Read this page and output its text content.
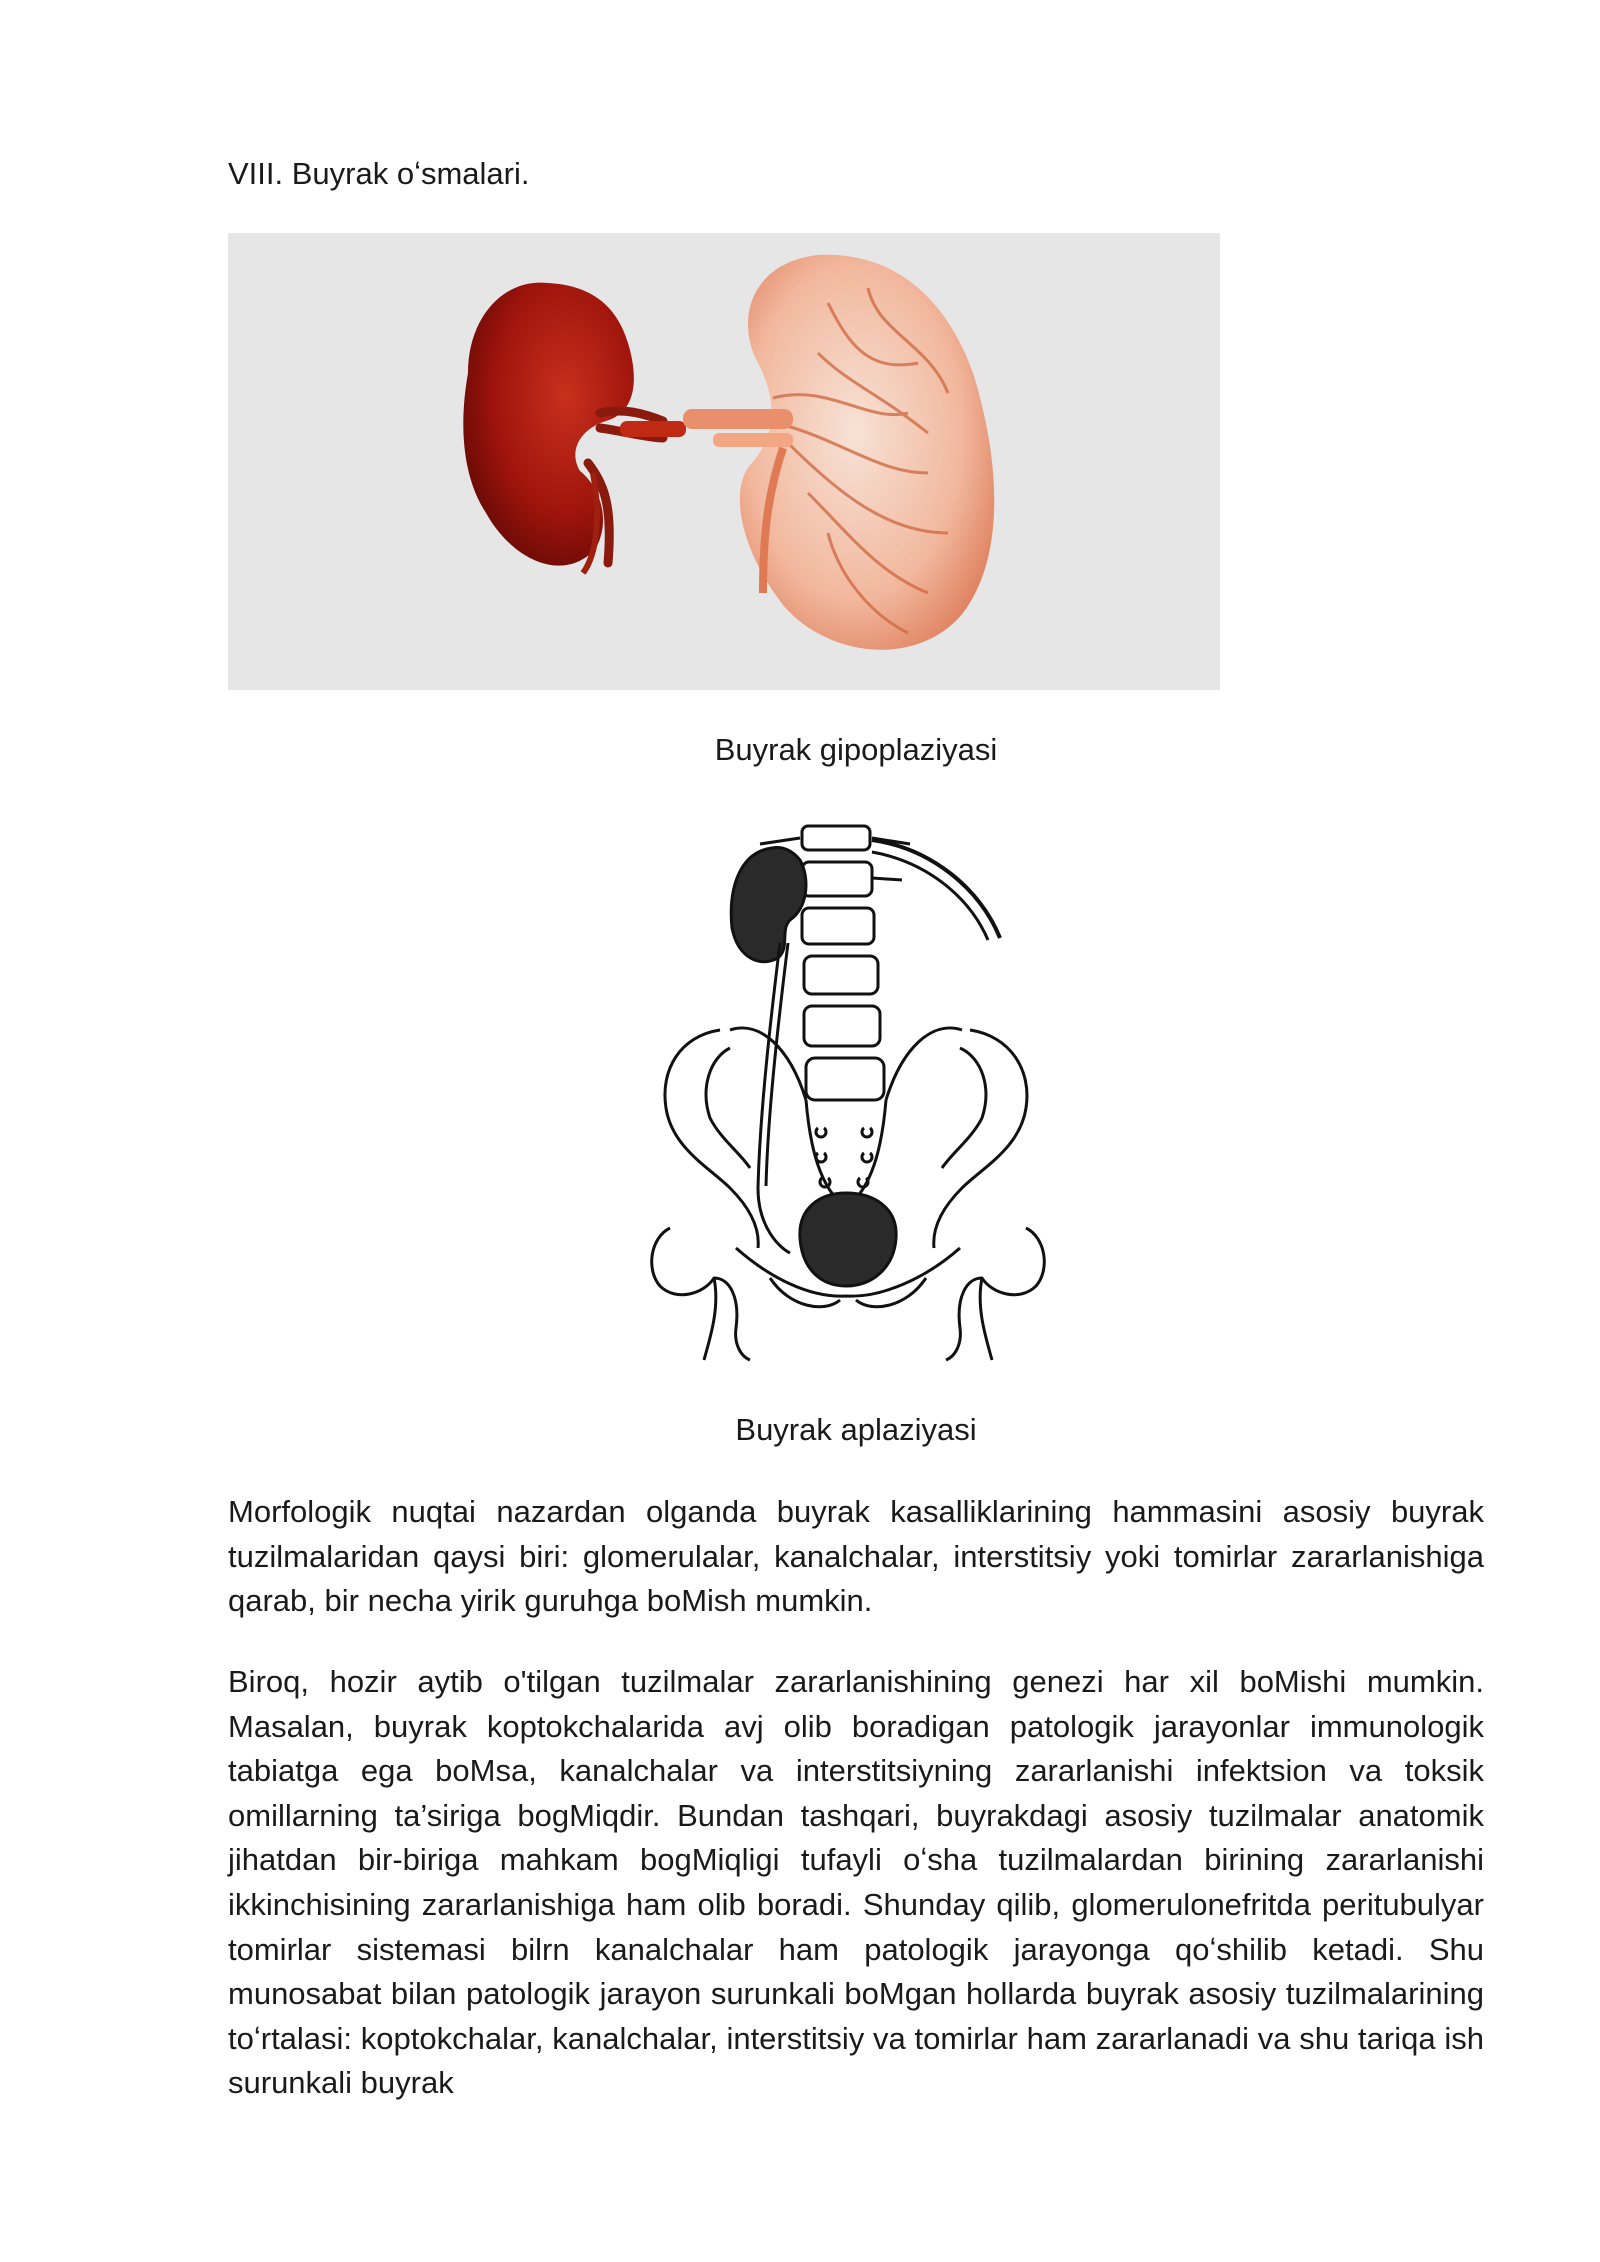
VIII. Buyrak oʻsmalari.
Buyrak gipoplaziyasi
Buyrak aplaziyasi

Morfologik nuqtai nazardan olganda buyrak kasalliklarining hammasini asosiy buyrak tuzilmalaridan qaysi biri: glomerulalar, kanalchalar, interstitsiy yoki tomirlar zararlanishiga qarab, bir necha yirik guruhga boMish mumkin.

Biroq, hozir aytib o'tilgan tuzilmalar zararlanishining genezi har xil boMishi mumkin. Masalan, buyrak koptokchalarida avj olib boradigan patologik jarayonlar immunologik tabiatga ega boMsa, kanalchalar va interstitsiyning zararlanishi infektsion va toksik omillarning ta’siriga bogMiqdir. Bundan tashqari, buyrakdagi asosiy tuzilmalar anatomik jihatdan bir-biriga mahkam bogMiqligi tufayli oʻsha tuzilmalardan birining zararlanishi ikkinchisining zararlanishiga ham olib boradi. Shunday qilib, glomerulonefritda peritubulyar tomirlar sistemasi bilrn kanalchalar ham patologik jarayonga qoʻshilib ketadi. Shu munosabat bilan patologik jarayon surunkali boMgan hollarda buyrak asosiy tuzilmalarining toʻrtalasi: koptokchalar, kanalchalar, interstitsiy va tomirlar ham zararlanadi va shu tariqa ish surunkali buyrak
